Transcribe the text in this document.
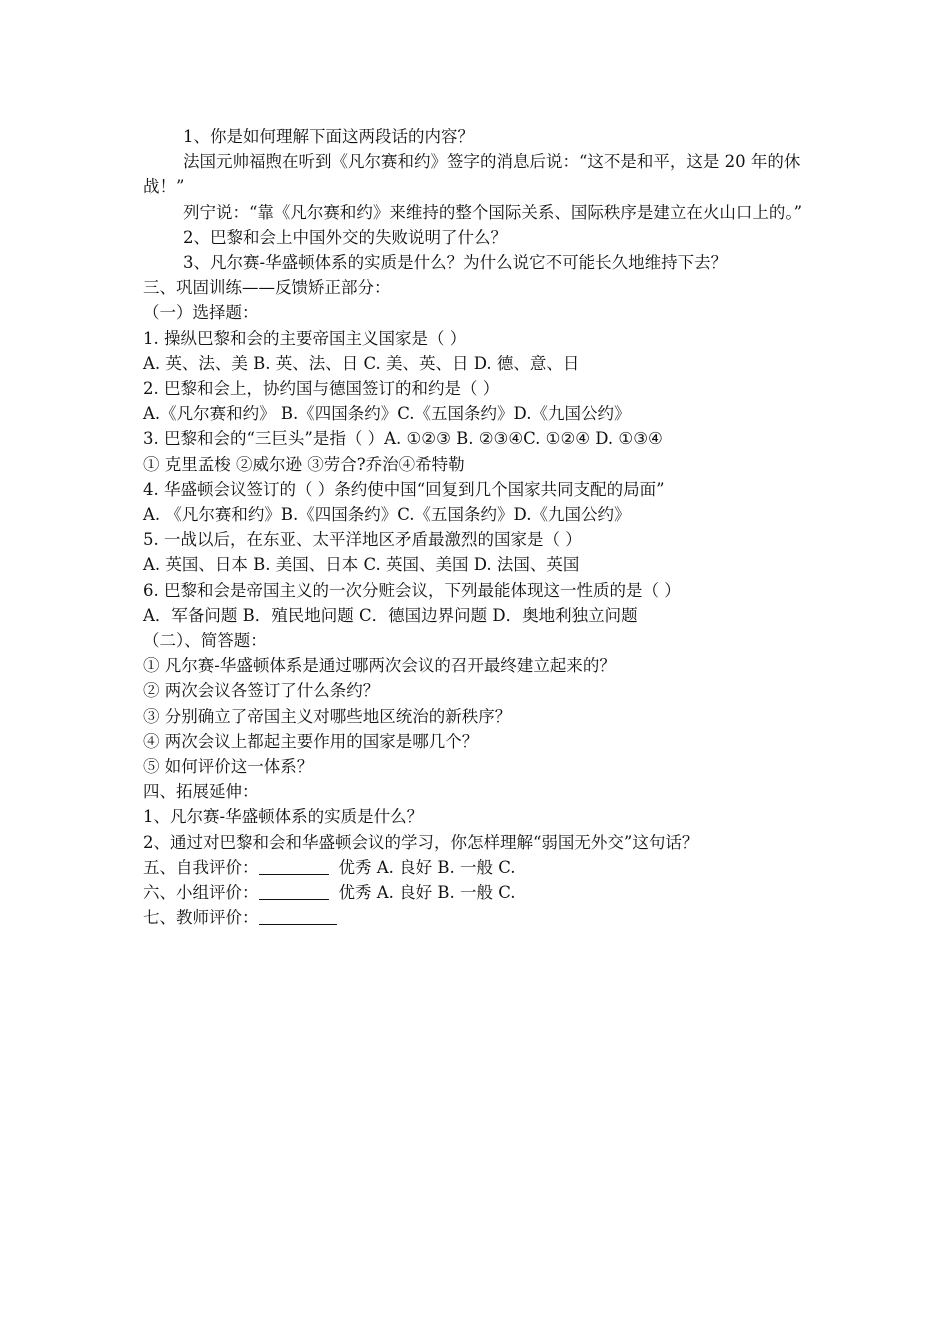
1、你是如何理解下面这两段话的内容？
法国元帅福煦在听到《凡尔赛和约》签字的消息后说：“这不是和平，这是 20 年的休战！”
列宁说：“靠《凡尔赛和约》来维持的整个国际关系、国际秩序是建立在火山口上的。”
2、巴黎和会上中国外交的失败说明了什么？
3、凡尔赛-华盛顿体系的实质是什么？为什么说它不可能长久地维持下去？
三、巩固训练——反馈矫正部分：
（一）选择题：
1. 操纵巴黎和会的主要帝国主义国家是（ ）
A. 英、法、美 B. 英、法、日 C. 美、英、日 D. 德、意、日
2. 巴黎和会上，协约国与德国签订的和约是（ ）
A.《凡尔赛和约》 B.《四国条约》C.《五国条约》D.《九国公约》
3. 巴黎和会的“三巨头”是指（ ）A. ①②③ B. ②③④C. ①②④ D. ①③④
① 克里孟梭 ②威尔逊 ③劳合?乔治④希特勒
4. 华盛顿会议签订的（ ）条约使中国“回复到几个国家共同支配的局面”
A. 《凡尔赛和约》B.《四国条约》C.《五国条约》D.《九国公约》
5. 一战以后，在东亚、太平洋地区矛盾最激烈的国家是（ ）
A. 英国、日本 B. 美国、日本 C. 英国、美国 D. 法国、英国
6. 巴黎和会是帝国主义的一次分赃会议，下列最能体现这一性质的是（ ）
A．军备问题 B．殖民地问题 C．德国边界问题 D．奥地利独立问题
（二）、简答题：
① 凡尔赛-华盛顿体系是通过哪两次会议的召开最终建立起来的？
② 两次会议各签订了什么条约？
③ 分别确立了帝国主义对哪些地区统治的新秩序？
④ 两次会议上都起主要作用的国家是哪几个？
⑤ 如何评价这一体系？
四、拓展延伸：
1、凡尔赛-华盛顿体系的实质是什么？
2、通过对巴黎和会和华盛顿会议的学习，你怎样理解“弱国无外交”这句话？
五、自我评价：	优秀 A. 良好 B. 一般 C.
六、小组评价：	优秀 A. 良好 B. 一般 C.
七、教师评价：
